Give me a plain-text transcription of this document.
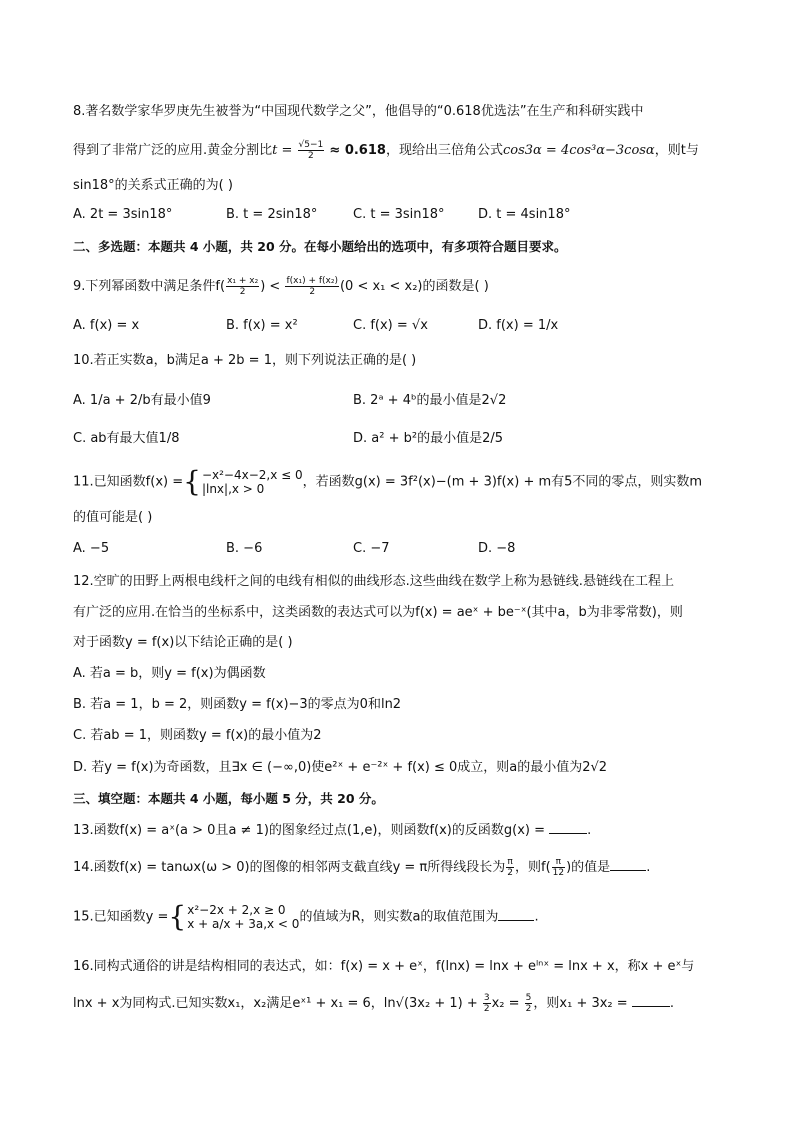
8.著名数学家华罗庚先生被誉为“中国现代数学之父”，他倡导的“0.618优选法”在生产和科研实践中
得到了非常广泛的应用.黄金分割比$t = \frac{√5-1}{2} \approx 0.618$，现给出三倍角公式cos3α = 4cos³α−3cosα，则t与
sin18°的关系式正确的为( )
A. 2t = 3sin18°	B. t = 2sin18°	C. t = 3sin18°	D. t = 4sin18°
二、多选题：本题共 4 小题，共 20 分。在每小题给出的选项中，有多项符合题目要求。
9.下列幂函数中满足条件$f( \frac{\text{x₁ + x₂}}{2}$ ) < $\frac{\text{f(x₁) + f(x₂)}}{2} (0 < x_1 < x_2)$的函数是( )
A. f(x) = x	B. f(x) = x²	C. f(x) = √x	D. f(x) = 1/x
10.若正实数a，b满足a + 2b = 1，则下列说法正确的是( )
A. 1/a + 2/b有最小值9	B. 2ᵃ + 4ᵇ的最小值是2√2
C. ab有最大值1/8	D. a² + b²的最小值是2/5
11.已知函数f(x) ={ −x²−4x−2,x ≤ 0
|lnx|,x > 0	，若函数g(x) = 3f²(x)−(m + 3)f(x) + m有5不同的零点，则实数m
的值可能是( )
A. −5	B. −6	C. −7	D. −8
12.空旷的田野上两根电线杆之间的电线有相似的曲线形态.这些曲线在数学上称为悬链线.悬链线在工程上
有广泛的应用.在恰当的坐标系中，这类函数的表达式可以为f(x) = aeˣ + be⁻ˣ(其中a，b为非零常数)，则
对于函数y = f(x)以下结论正确的是( )
A. 若a = b，则y = f(x)为偶函数
B. 若a = 1，b = 2，则函数y = f(x)−3的零点为0和ln2
C. 若ab = 1，则函数y = f(x)的最小值为2
D. 若y = f(x)为奇函数，且∃x ∈ (−∞,0)使e²ˣ + e⁻²ˣ + f(x) ≤ 0成立，则a的最小值为2√2
三、填空题：本题共 4 小题，每小题 5 分，共 20 分。
13.函数f(x) = aˣ(a > 0且a ≠ 1)的图象经过点(1,e)，则函数f(x)的反函数g(x) =	.
14.函数f(x) = tanωx(ω > 0)的图像的相邻两支截直线y = π所得线段长为 $\frac{\pi}{2}$ ，则$f( \frac{\pi}{12}$ )的值是	.
15.已知函数y ={ x²−2x + 2,x ≥ 0
x + a/x + 3a,x < 0 的值域为R，则实数a的取值范围为	.
16.同构式通俗的讲是结构相同的表达式，如：f(x) = x + eˣ，f(lnx) = lnx + eˡⁿˣ = lnx + x，称x + eˣ与
lnx + x为同构式.已知实数x₁，x₂满足eˣ¹ + x₁ = 6，$\ln√(3x_2 + 1) + \frac{3}{2} x_2 = \frac{5}{2}$ ，则x₁ + 3x₂ =	.
